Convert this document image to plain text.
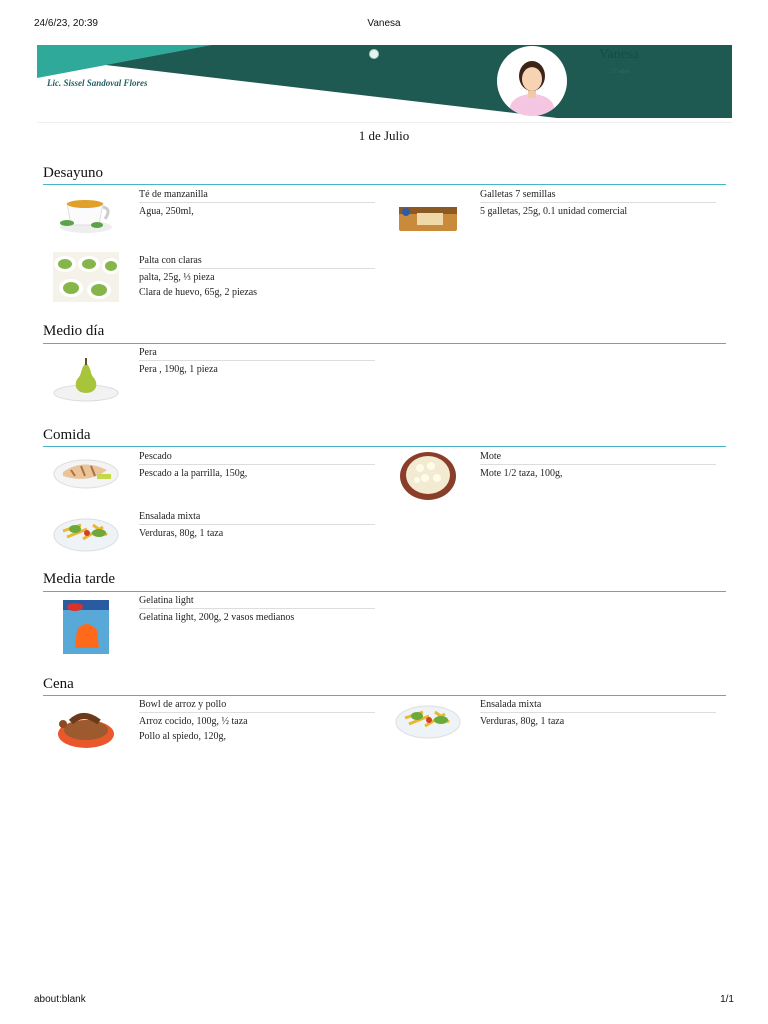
24/6/23, 20:39	Vanesa
about:blank	1/1
Lic. Sissel Sandoval Flores
Vanesa
37 años
1 de Julio
Desayuno
Té de manzanilla
Agua, 250ml,
Galletas 7 semillas
5 galletas, 25g, 0.1 unidad comercial
Palta con claras
palta, 25g, ⅓ pieza
Clara de huevo, 65g, 2 piezas
Medio día
Pera
Pera , 190g, 1 pieza
Comida
Pescado
Pescado a la parrilla, 150g,
Mote
Mote 1/2 taza, 100g,
Ensalada mixta
Verduras, 80g, 1 taza
Media tarde
Gelatina light
Gelatina light, 200g, 2 vasos medianos
Cena
Bowl de arroz y pollo
Arroz cocido, 100g, ½ taza
Pollo al spiedo, 120g,
Ensalada mixta
Verduras, 80g, 1 taza
